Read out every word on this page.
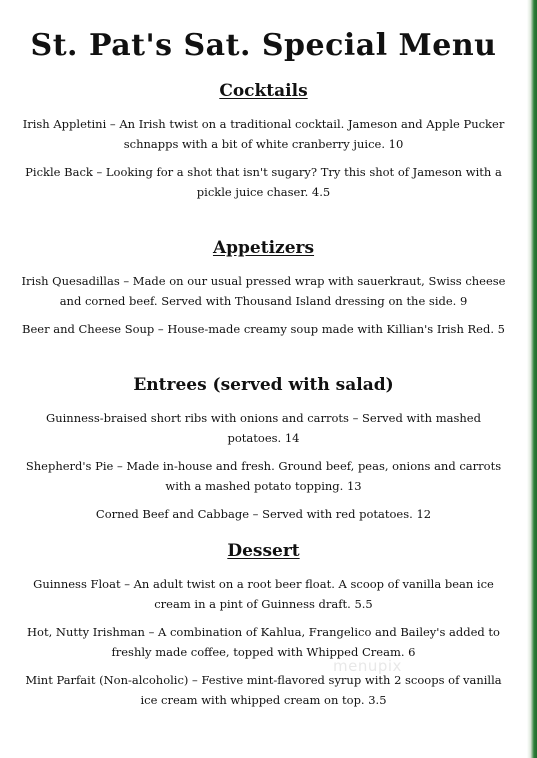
St. Pat's Sat. Special Menu
Cocktails
Irish Appletini – An Irish twist on a traditional cocktail. Jameson and Apple Pucker schnapps with a bit of white cranberry juice. 10
Pickle Back – Looking for a shot that isn't sugary? Try this shot of Jameson with a pickle juice chaser. 4.5
Appetizers
Irish Quesadillas – Made on our usual pressed wrap with sauerkraut, Swiss cheese and corned beef. Served with Thousand Island dressing on the side. 9
Beer and Cheese Soup – House-made creamy soup made with Killian's Irish Red. 5
Entrees (served with salad)
Guinness-braised short ribs with onions and carrots – Served with mashed potatoes. 14
Shepherd's Pie – Made in-house and fresh. Ground beef, peas, onions and carrots with a mashed potato topping. 13
Corned Beef and Cabbage – Served with red potatoes. 12
Dessert
Guinness Float – An adult twist on a root beer float. A scoop of vanilla bean ice cream in a pint of Guinness draft. 5.5
Hot, Nutty Irishman – A combination of Kahlua, Frangelico and Bailey's added to freshly made coffee, topped with Whipped Cream. 6
Mint Parfait (Non-alcoholic) – Festive mint-flavored syrup with 2 scoops of vanilla ice cream with whipped cream on top. 3.5
menupix
